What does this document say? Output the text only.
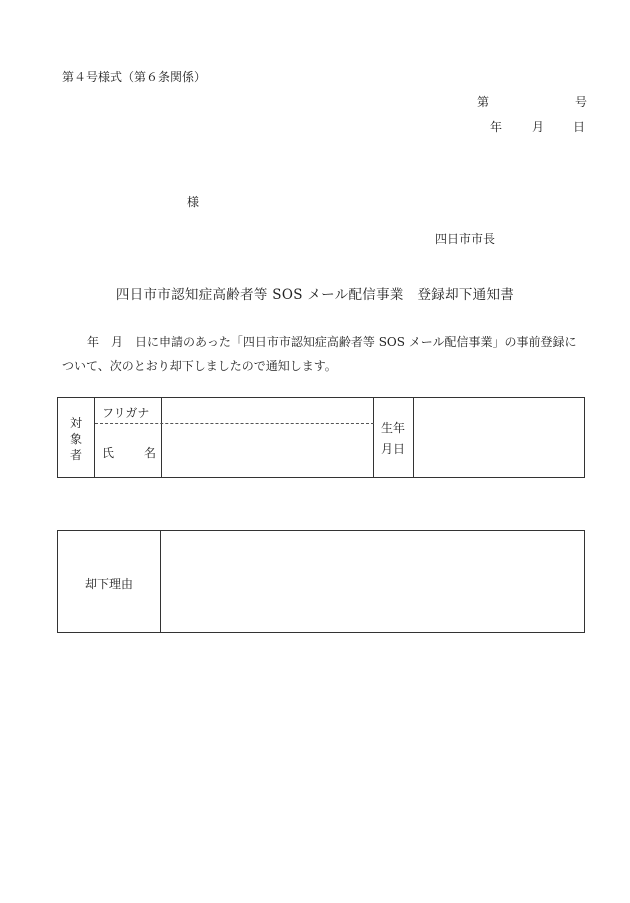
第４号様式（第６条関係）
第	号
年 月 日
様
四日市市長
四日市市認知症高齢者等 SOS メール配信事業　登録却下通知書
年　月　日に申請のあった「四日市市認知症高齢者等 SOS メール配信事業」の事前登録について、次のとおり却下しましたので通知します。
対象者
フリガナ
氏	名
生年月日
却下理由
